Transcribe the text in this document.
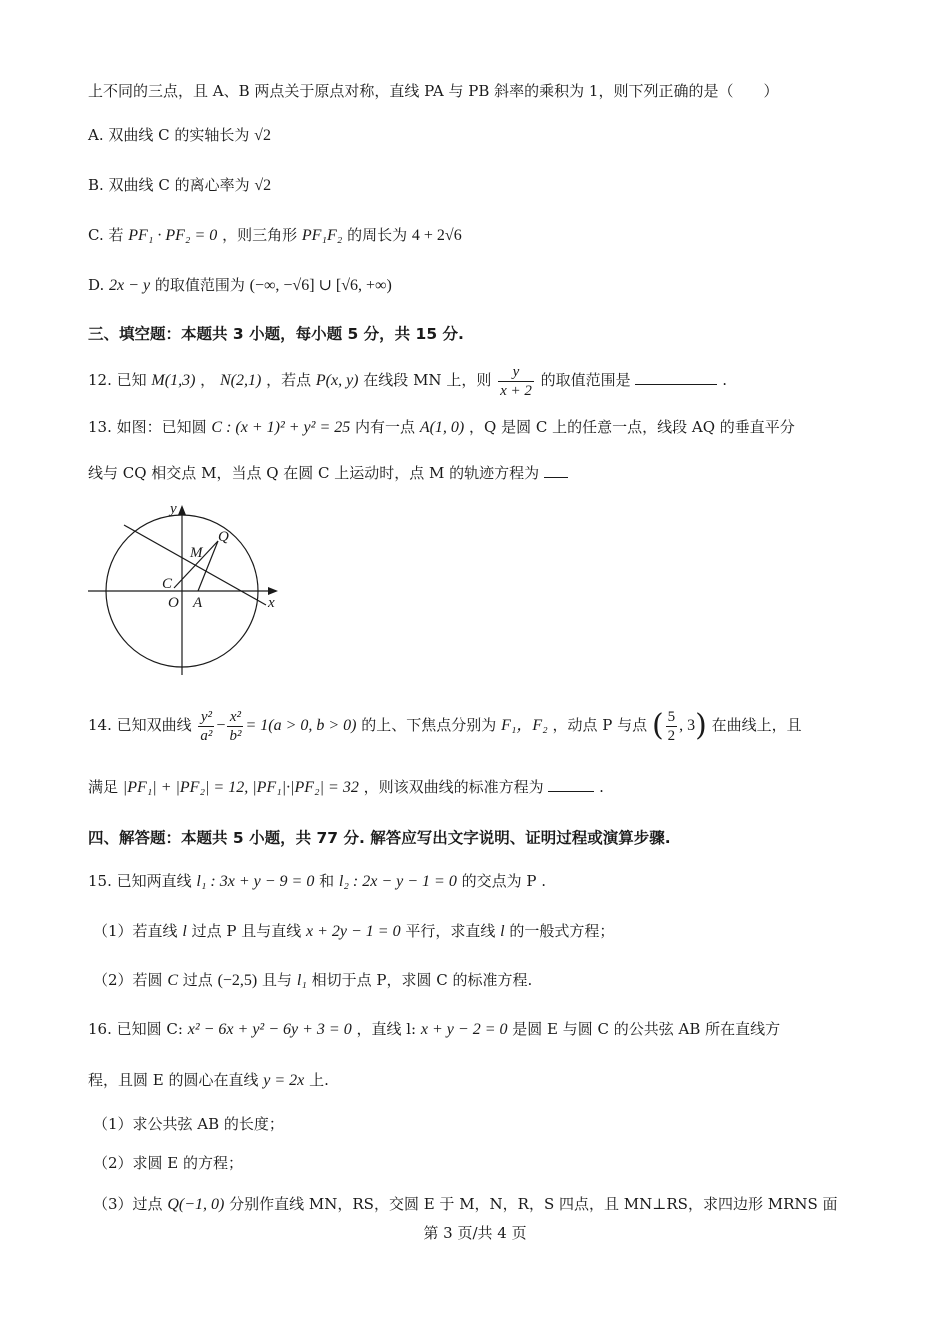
上不同的三点，且 A、B 两点关于原点对称，直线 PA 与 PB 斜率的乘积为 1，则下列正确的是（　　）
A. 双曲线 C 的实轴长为 √2
B. 双曲线 C 的离心率为 √2
C. 若 PF₁ · PF₂ = 0 ，则三角形 PF₁F₂ 的周长为 4 + 2√6
D. 2x − y 的取值范围为 (−∞, −√6] ∪ [√6, +∞)
三、填空题：本题共 3 小题，每小题 5 分，共 15 分.
12. 已知 M(1,3) ， N(2,1) ，若点 P(x, y) 在线段 MN 上，则 $\frac{y}{x + 2}$ 的取值范围是	.
13. 如图：已知圆 C : (x + 1)² + y² = 25 内有一点 A(1, 0) ，Q 是圆 C 上的任意一点，线段 AQ 的垂直平分
线与 CQ 相交点 M，当点 Q 在圆 C 上运动时，点 M 的轨迹方程为
y
Q
M
C
O A	x
14. 已知双曲线 $\frac{\text{y²}}{\text{a²}} - \frac{\text{x²}}{\text{b²}} = 1(a > 0$, b > 0) 的上、下焦点分别为 F₁，F₂ ，动点 P 与点 ( $\frac{5}{2}$ , 3) 在曲线上，且
满足 |PF₁| + |PF₂| = 12, |PF₁|·|PF₂| = 32 ，则该双曲线的标准方程为	.
四、解答题：本题共 5 小题，共 77 分. 解答应写出文字说明、证明过程或演算步骤.
15. 已知两直线 l₁ : 3x + y − 9 = 0 和 l₂ : 2x − y − 1 = 0 的交点为 P .
（1）若直线 l 过点 P 且与直线 x + 2y − 1 = 0 平行，求直线 l 的一般式方程；
（2）若圆 C 过点 (−2,5) 且与 l₁ 相切于点 P，求圆 C 的标准方程.
16. 已知圆 C: x² − 6x + y² − 6y + 3 = 0 ，直线 l: x + y − 2 = 0 是圆 E 与圆 C 的公共弦 AB 所在直线方
程，且圆 E 的圆心在直线 y = 2x 上.
（1）求公共弦 AB 的长度；
（2）求圆 E 的方程；
（3）过点 Q(−1, 0) 分别作直线 MN，RS，交圆 E 于 M，N，R，S 四点，且 MN⊥RS，求四边形 MRNS 面
第 3 页/共 4 页
